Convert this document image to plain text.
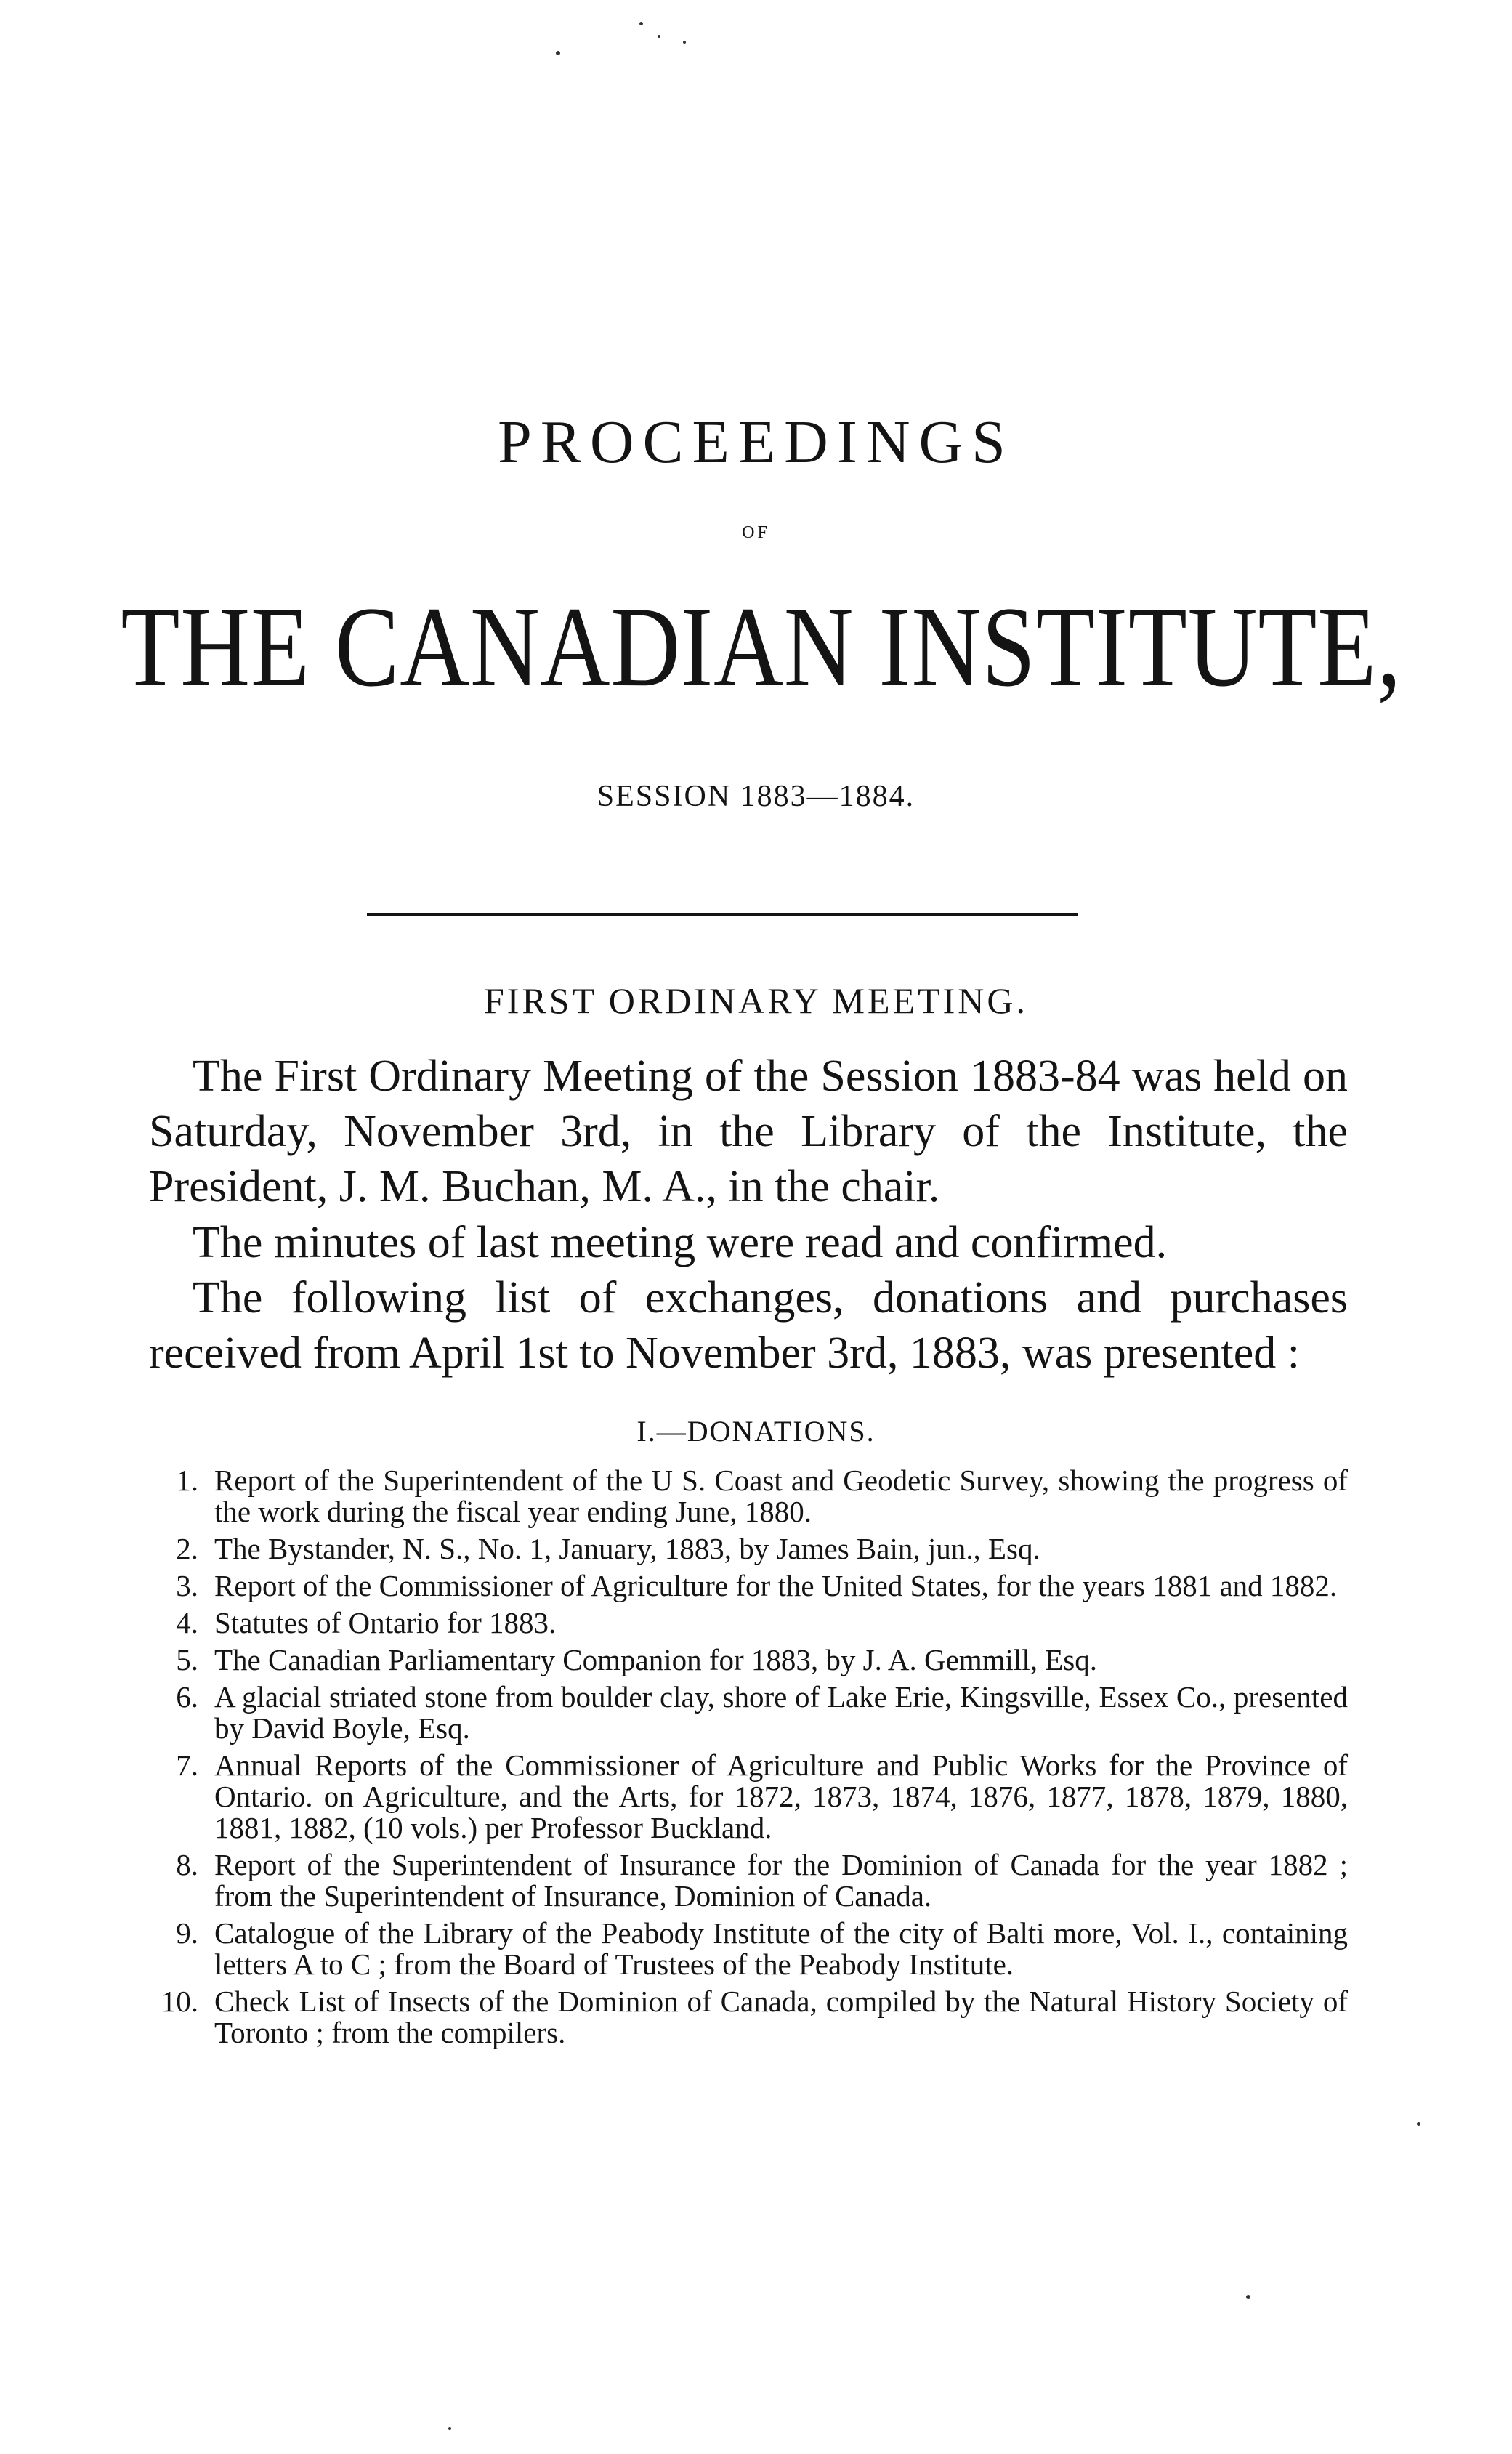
PROCEEDINGS
OF
THE CANADIAN INSTITUTE,
SESSION 1883—1884.
FIRST ORDINARY MEETING.

The First Ordinary Meeting of the Session 1883-84 was held on Saturday, November 3rd, in the Library of the Institute, the President, J. M. Buchan, M. A., in the chair.

The minutes of last meeting were read and confirmed.

The following list of exchanges, donations and purchases received from April 1st to November 3rd, 1883, was presented :

I.—DONATIONS.
1. Report of the Superintendent of the U S. Coast and Geodetic Survey, showing the progress of the work during the fiscal year ending June, 1880.
2. The Bystander, N. S., No. 1, January, 1883, by James Bain, jun., Esq.
3. Report of the Commissioner of Agriculture for the United States, for the years 1881 and 1882.
4. Statutes of Ontario for 1883.
5. The Canadian Parliamentary Companion for 1883, by J. A. Gemmill, Esq.
6. A glacial striated stone from boulder clay, shore of Lake Erie, Kingsville, Essex Co., presented by David Boyle, Esq.
7. Annual Reports of the Commissioner of Agriculture and Public Works for the Province of Ontario. on Agriculture, and the Arts, for 1872, 1873, 1874, 1876, 1877, 1878, 1879, 1880, 1881, 1882, (10 vols.) per Professor Buckland.
8. Report of the Superintendent of Insurance for the Dominion of Canada for the year 1882 ; from the Superintendent of Insurance, Dominion of Canada.
9. Catalogue of the Library of the Peabody Institute of the city of Balti more, Vol. I., containing letters A to C ; from the Board of Trustees of the Peabody Institute.
10. Check List of Insects of the Dominion of Canada, compiled by the Natural History Society of Toronto ; from the compilers.
